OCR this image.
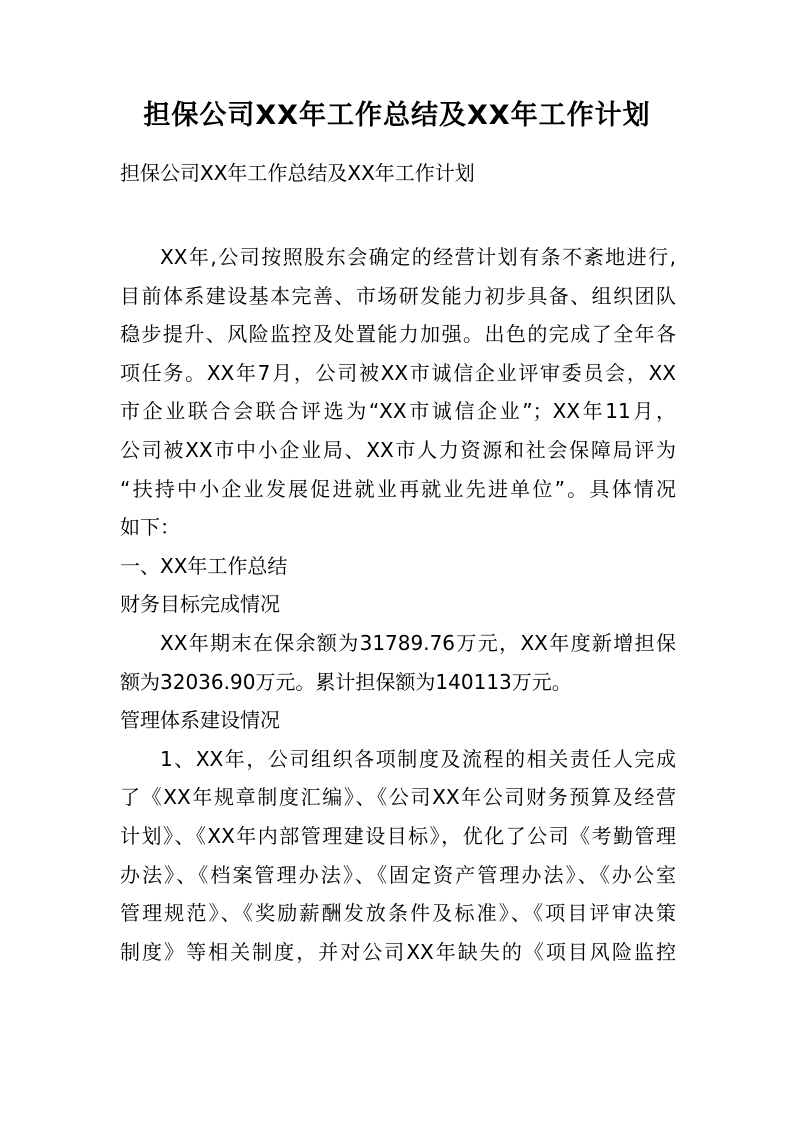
担保公司XX年工作总结及XX年工作计划
担保公司XX年工作总结及XX年工作计划
XX年,公司按照股东会确定的经营计划有条不紊地进行,
目前体系建设基本完善、市场研发能力初步具备、组织团队
稳步提升、风险监控及处置能力加强。出色的完成了全年各
项任务。XX年7月，公司被XX市诚信企业评审委员会，XX
市企业联合会联合评选为“XX市诚信企业”；XX年11月，
公司被XX市中小企业局、XX市人力资源和社会保障局评为
“扶持中小企业发展促进就业再就业先进单位”。具体情况
如下：
一、XX年工作总结
财务目标完成情况
XX年期末在保余额为31789.76万元，XX年度新增担保
额为32036.90万元。累计担保额为140113万元。
管理体系建设情况
1、XX年，公司组织各项制度及流程的相关责任人完成
了《XX年规章制度汇编》、《公司XX年公司财务预算及经营
计划》、《XX年内部管理建设目标》，优化了公司《考勤管理
办法》、《档案管理办法》、《固定资产管理办法》、《办公室
管理规范》、《奖励薪酬发放条件及标准》、《项目评审决策
制度》等相关制度，并对公司XX年缺失的《项目风险监控
